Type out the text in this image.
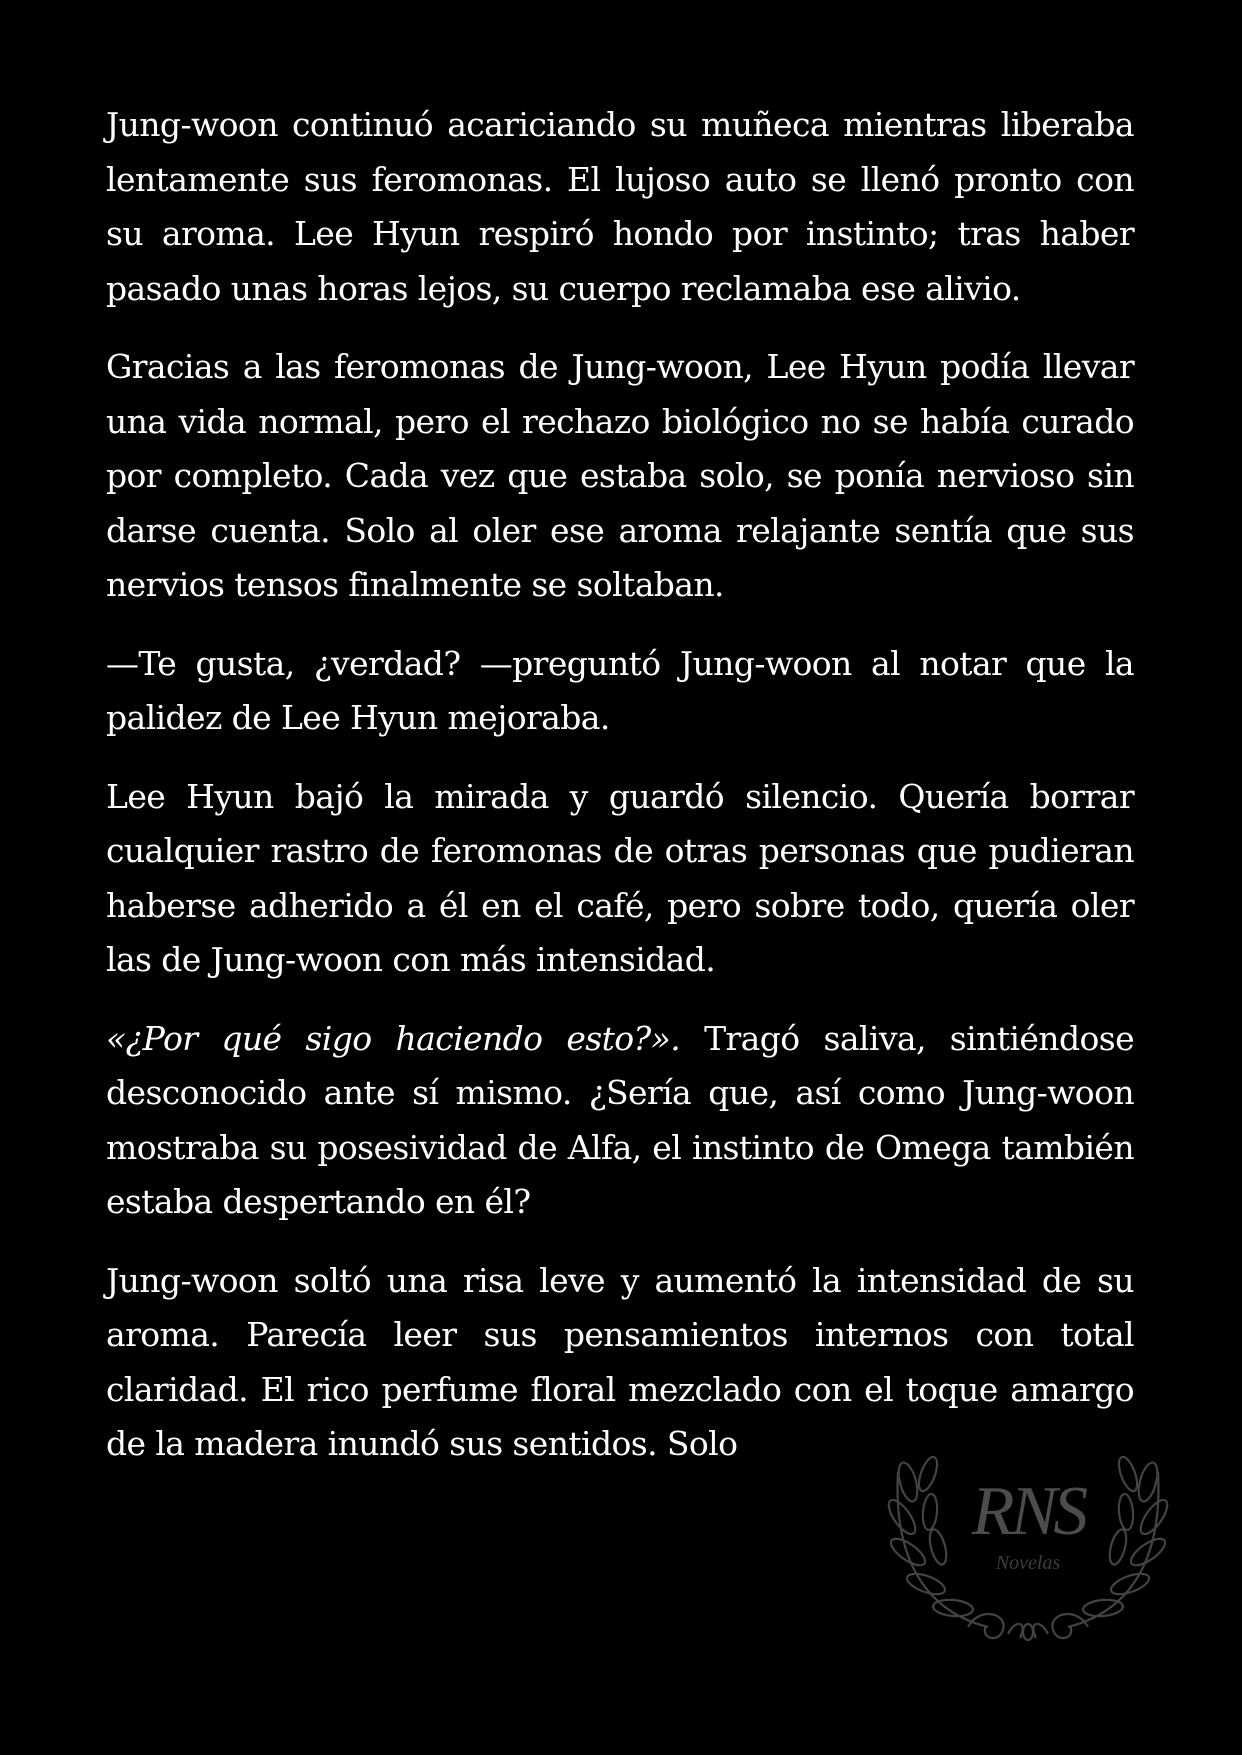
Jung-woon continuó acariciando su muñeca mientras liberaba lentamente sus feromonas. El lujoso auto se llenó pronto con su aroma. Lee Hyun respiró hondo por instinto; tras haber pasado unas horas lejos, su cuerpo reclamaba ese alivio.

Gracias a las feromonas de Jung-woon, Lee Hyun podía llevar una vida normal, pero el rechazo biológico no se había curado por completo. Cada vez que estaba solo, se ponía nervioso sin darse cuenta. Solo al oler ese aroma relajante sentía que sus nervios tensos finalmente se soltaban.

—Te gusta, ¿verdad? —preguntó Jung-woon al notar que la palidez de Lee Hyun mejoraba.

Lee Hyun bajó la mirada y guardó silencio. Quería borrar cualquier rastro de feromonas de otras personas que pudieran haberse adherido a él en el café, pero sobre todo, quería oler las de Jung-woon con más intensidad.

«¿Por qué sigo haciendo esto?». Tragó saliva, sintiéndose desconocido ante sí mismo. ¿Sería que, así como Jung-woon mostraba su posesividad de Alfa, el instinto de Omega también estaba despertando en él?

Jung-woon soltó una risa leve y aumentó la intensidad de su aroma. Parecía leer sus pensamientos internos con total claridad. El rico perfume floral mezclado con el toque amargo de la madera inundó sus sentidos. Solo

RNS
Novelas
